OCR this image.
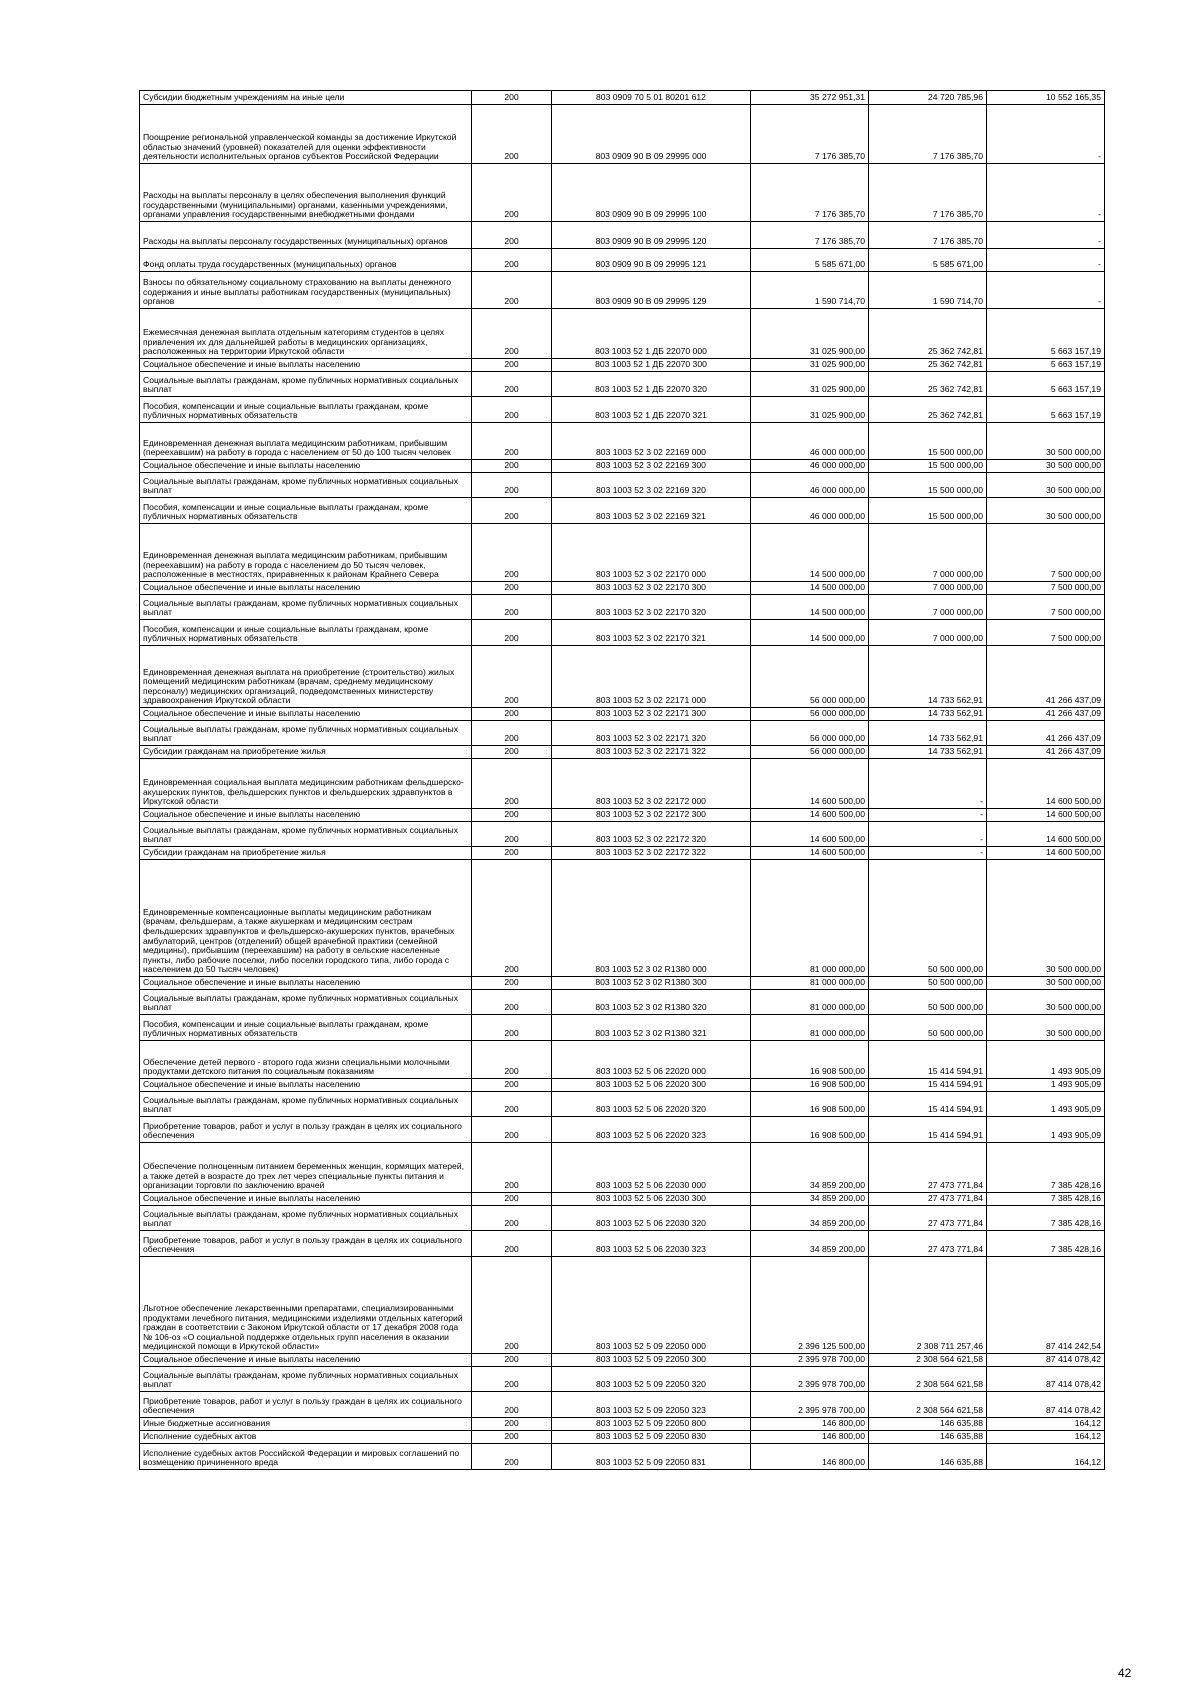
Субсидии бюджетным учреждениям на иные цели	200	803 0909 70 5 01 80201 612	35 272 951,31	24 720 785,96	10 552 165,35
Поощрение региональной управленческой команды за достижение Иркутской областью значений (уровней) показателей для оценки эффективности деятельности исполнительных органов субъектов Российской Федерации	200	803 0909 90 В 09 29995 000	7 176 385,70	7 176 385,70	-
Расходы на выплаты персоналу в целях обеспечения выполнения функций государственными (муниципальными) органами, казенными учреждениями, органами управления государственными внебюджетными фондами	200	803 0909 90 В 09 29995 100	7 176 385,70	7 176 385,70	-
Расходы на выплаты персоналу государственных (муниципальных) органов	200	803 0909 90 В 09 29995 120	7 176 385,70	7 176 385,70	-
Фонд оплаты труда государственных (муниципальных) органов	200	803 0909 90 В 09 29995 121	5 585 671,00	5 585 671,00	-
Взносы по обязательному социальному страхованию на выплаты денежного содержания и иные выплаты работникам государственных (муниципальных) органов	200	803 0909 90 В 09 29995 129	1 590 714,70	1 590 714,70	-
Ежемесячная денежная выплата отдельным категориям студентов в целях привлечения их для дальнейшей работы в медицинских организациях, расположенных на территории Иркутской области	200	803 1003 52 1 ДБ 22070 000	31 025 900,00	25 362 742,81	5 663 157,19
Социальное обеспечение и иные выплаты населению	200	803 1003 52 1 ДБ 22070 300	31 025 900,00	25 362 742,81	5 663 157,19
Социальные выплаты гражданам, кроме публичных нормативных социальных выплат	200	803 1003 52 1 ДБ 22070 320	31 025 900,00	25 362 742,81	5 663 157,19
Пособия, компенсации и иные социальные выплаты гражданам, кроме публичных нормативных обязательств	200	803 1003 52 1 ДБ 22070 321	31 025 900,00	25 362 742,81	5 663 157,19
Единовременная денежная выплата медицинским работникам, прибывшим (переехавшим) на работу в города с населением от 50 до 100 тысяч человек	200	803 1003 52 3 02 22169 000	46 000 000,00	15 500 000,00	30 500 000,00
Социальное обеспечение и иные выплаты населению	200	803 1003 52 3 02 22169 300	46 000 000,00	15 500 000,00	30 500 000,00
Социальные выплаты гражданам, кроме публичных нормативных социальных выплат	200	803 1003 52 3 02 22169 320	46 000 000,00	15 500 000,00	30 500 000,00
Пособия, компенсации и иные социальные выплаты гражданам, кроме публичных нормативных обязательств	200	803 1003 52 3 02 22169 321	46 000 000,00	15 500 000,00	30 500 000,00
Единовременная денежная выплата медицинским работникам, прибывшим (переехавшим) на работу в города с населением до 50 тысяч человек, расположенные в местностях, приравненных к районам Крайнего Севера	200	803 1003 52 3 02 22170 000	14 500 000,00	7 000 000,00	7 500 000,00
Социальное обеспечение и иные выплаты населению	200	803 1003 52 3 02 22170 300	14 500 000,00	7 000 000,00	7 500 000,00
Социальные выплаты гражданам, кроме публичных нормативных социальных выплат	200	803 1003 52 3 02 22170 320	14 500 000,00	7 000 000,00	7 500 000,00
Пособия, компенсации и иные социальные выплаты гражданам, кроме публичных нормативных обязательств	200	803 1003 52 3 02 22170 321	14 500 000,00	7 000 000,00	7 500 000,00
Единовременная денежная выплата на приобретение (строительство) жилых помещений медицинским работникам (врачам, среднему медицинскому персоналу) медицинских организаций, подведомственных министерству здравоохранения Иркутской области	200	803 1003 52 3 02 22171 000	56 000 000,00	14 733 562,91	41 266 437,09
Социальное обеспечение и иные выплаты населению	200	803 1003 52 3 02 22171 300	56 000 000,00	14 733 562,91	41 266 437,09
Социальные выплаты гражданам, кроме публичных нормативных социальных выплат	200	803 1003 52 3 02 22171 320	56 000 000,00	14 733 562,91	41 266 437,09
Субсидии гражданам на приобретение жилья	200	803 1003 52 3 02 22171 322	56 000 000,00	14 733 562,91	41 266 437,09
Единовременная социальная выплата медицинским работникам фельдшерско-акушерских пунктов, фельдшерских пунктов и фельдшерских здравпунктов в Иркутской области	200	803 1003 52 3 02 22172 000	14 600 500,00	-	14 600 500,00
Социальное обеспечение и иные выплаты населению	200	803 1003 52 3 02 22172 300	14 600 500,00	-	14 600 500,00
Социальные выплаты гражданам, кроме публичных нормативных социальных выплат	200	803 1003 52 3 02 22172 320	14 600 500,00	-	14 600 500,00
Субсидии гражданам на приобретение жилья	200	803 1003 52 3 02 22172 322	14 600 500,00	-	14 600 500,00
Единовременные компенсационные выплаты медицинским работникам (врачам, фельдшерам, а также акушеркам и медицинским сестрам фельдшерских здравпунктов и фельдшерско-акушерских пунктов, врачебных амбулаторий, центров (отделений) общей врачебной практики (семейной медицины), прибывшим (переехавшим) на работу в сельские населенные пункты, либо рабочие поселки, либо поселки городского типа, либо города с населением до 50 тысяч человек)	200	803 1003 52 3 02 R1380 000	81 000 000,00	50 500 000,00	30 500 000,00
Социальное обеспечение и иные выплаты населению	200	803 1003 52 3 02 R1380 300	81 000 000,00	50 500 000,00	30 500 000,00
Социальные выплаты гражданам, кроме публичных нормативных социальных выплат	200	803 1003 52 3 02 R1380 320	81 000 000,00	50 500 000,00	30 500 000,00
Пособия, компенсации и иные социальные выплаты гражданам, кроме публичных нормативных обязательств	200	803 1003 52 3 02 R1380 321	81 000 000,00	50 500 000,00	30 500 000,00
Обеспечение детей первого - второго года жизни специальными молочными продуктами детского питания по социальным показаниям	200	803 1003 52 5 06 22020 000	16 908 500,00	15 414 594,91	1 493 905,09
Социальное обеспечение и иные выплаты населению	200	803 1003 52 5 06 22020 300	16 908 500,00	15 414 594,91	1 493 905,09
Социальные выплаты гражданам, кроме публичных нормативных социальных выплат	200	803 1003 52 5 06 22020 320	16 908 500,00	15 414 594,91	1 493 905,09
Приобретение товаров, работ и услуг в пользу граждан в целях их социального обеспечения	200	803 1003 52 5 06 22020 323	16 908 500,00	15 414 594,91	1 493 905,09
Обеспечение полноценным питанием беременных женщин, кормящих матерей, а также детей в возрасте до трех лет через специальные пункты питания и организации торговли по заключению врачей	200	803 1003 52 5 06 22030 000	34 859 200,00	27 473 771,84	7 385 428,16
Социальное обеспечение и иные выплаты населению	200	803 1003 52 5 06 22030 300	34 859 200,00	27 473 771,84	7 385 428,16
Социальные выплаты гражданам, кроме публичных нормативных социальных выплат	200	803 1003 52 5 06 22030 320	34 859 200,00	27 473 771,84	7 385 428,16
Приобретение товаров, работ и услуг в пользу граждан в целях их социального обеспечения	200	803 1003 52 5 06 22030 323	34 859 200,00	27 473 771,84	7 385 428,16
Льготное обеспечение лекарственными препаратами, специализированными продуктами лечебного питания, медицинскими изделиями отдельных категорий граждан в соответствии с Законом Иркутской области от 17 декабря 2008 года № 106-оз «О социальной поддержке отдельных групп населения в оказании медицинской помощи в Иркутской области»	200	803 1003 52 5 09 22050 000	2 396 125 500,00	2 308 711 257,46	87 414 242,54
Социальное обеспечение и иные выплаты населению	200	803 1003 52 5 09 22050 300	2 395 978 700,00	2 308 564 621,58	87 414 078,42
Социальные выплаты гражданам, кроме публичных нормативных социальных выплат	200	803 1003 52 5 09 22050 320	2 395 978 700,00	2 308 564 621,58	87 414 078,42
Приобретение товаров, работ и услуг в пользу граждан в целях их социального обеспечения	200	803 1003 52 5 09 22050 323	2 395 978 700,00	2 308 564 621,58	87 414 078,42
Иные бюджетные ассигнования	200	803 1003 52 5 09 22050 800	146 800,00	146 635,88	164,12
Исполнение судебных актов	200	803 1003 52 5 09 22050 830	146 800,00	146 635,88	164,12
Исполнение судебных актов Российской Федерации и мировых соглашений по возмещению причиненного вреда	200	803 1003 52 5 09 22050 831	146 800,00	146 635,88	164,12
42
